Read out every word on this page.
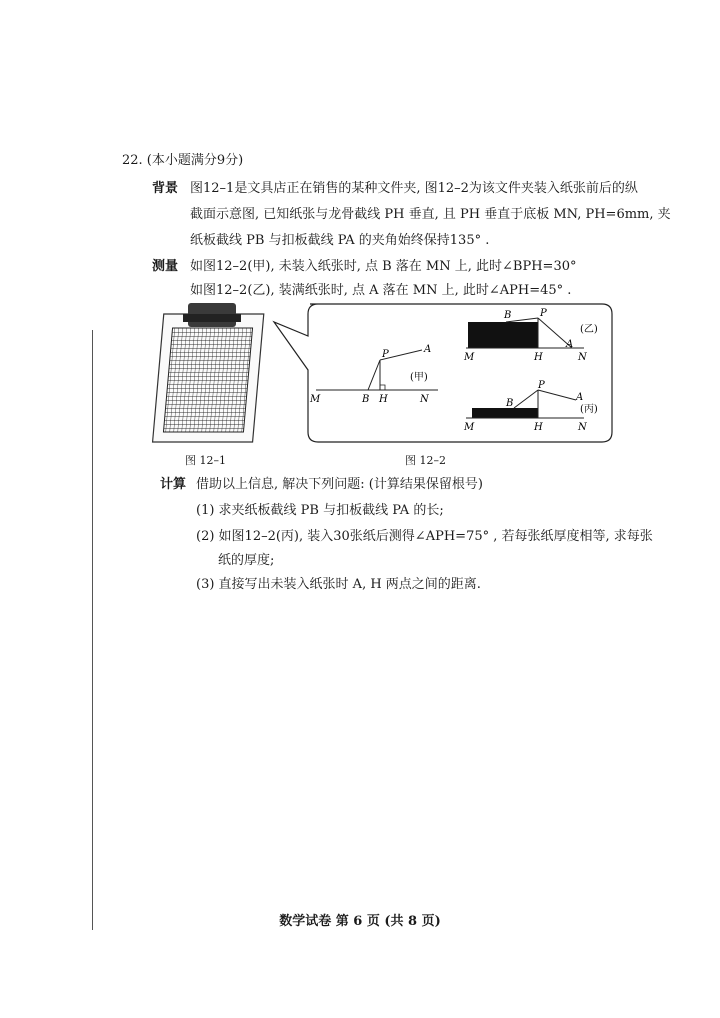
22. (本小题满分9分)
背景 图12–1是文具店正在销售的某种文件夹, 图12–2为该文件夹装入纸张前后的纵
截面示意图, 已知纸张与龙骨截线 PH 垂直, 且 PH 垂直于底板 MN, PH=6mm, 夹
纸板截线 PB 与扣板截线 PA 的夹角始终保持135° .
测量 如图12–2(甲), 未装入纸张时, 点 B 落在 MN 上, 此时∠BPH=30°
如图12–2(乙), 装满纸张时, 点 A 落在 MN 上, 此时∠APH=45° .
P	A
M	B H	N
(甲)
B	P
M	H
A
N
(乙)
P
A
B
M	H	N
(丙)
图 12–1	图 12–2
计算 借助以上信息, 解决下列问题: (计算结果保留根号)
(1) 求夹纸板截线 PB 与扣板截线 PA 的长;
(2) 如图12–2(丙), 装入30张纸后测得∠APH=75° , 若每张纸厚度相等, 求每张
纸的厚度;
(3) 直接写出未装入纸张时 A, H 两点之间的距离.
数学试卷 第 6 页 (共 8 页)
